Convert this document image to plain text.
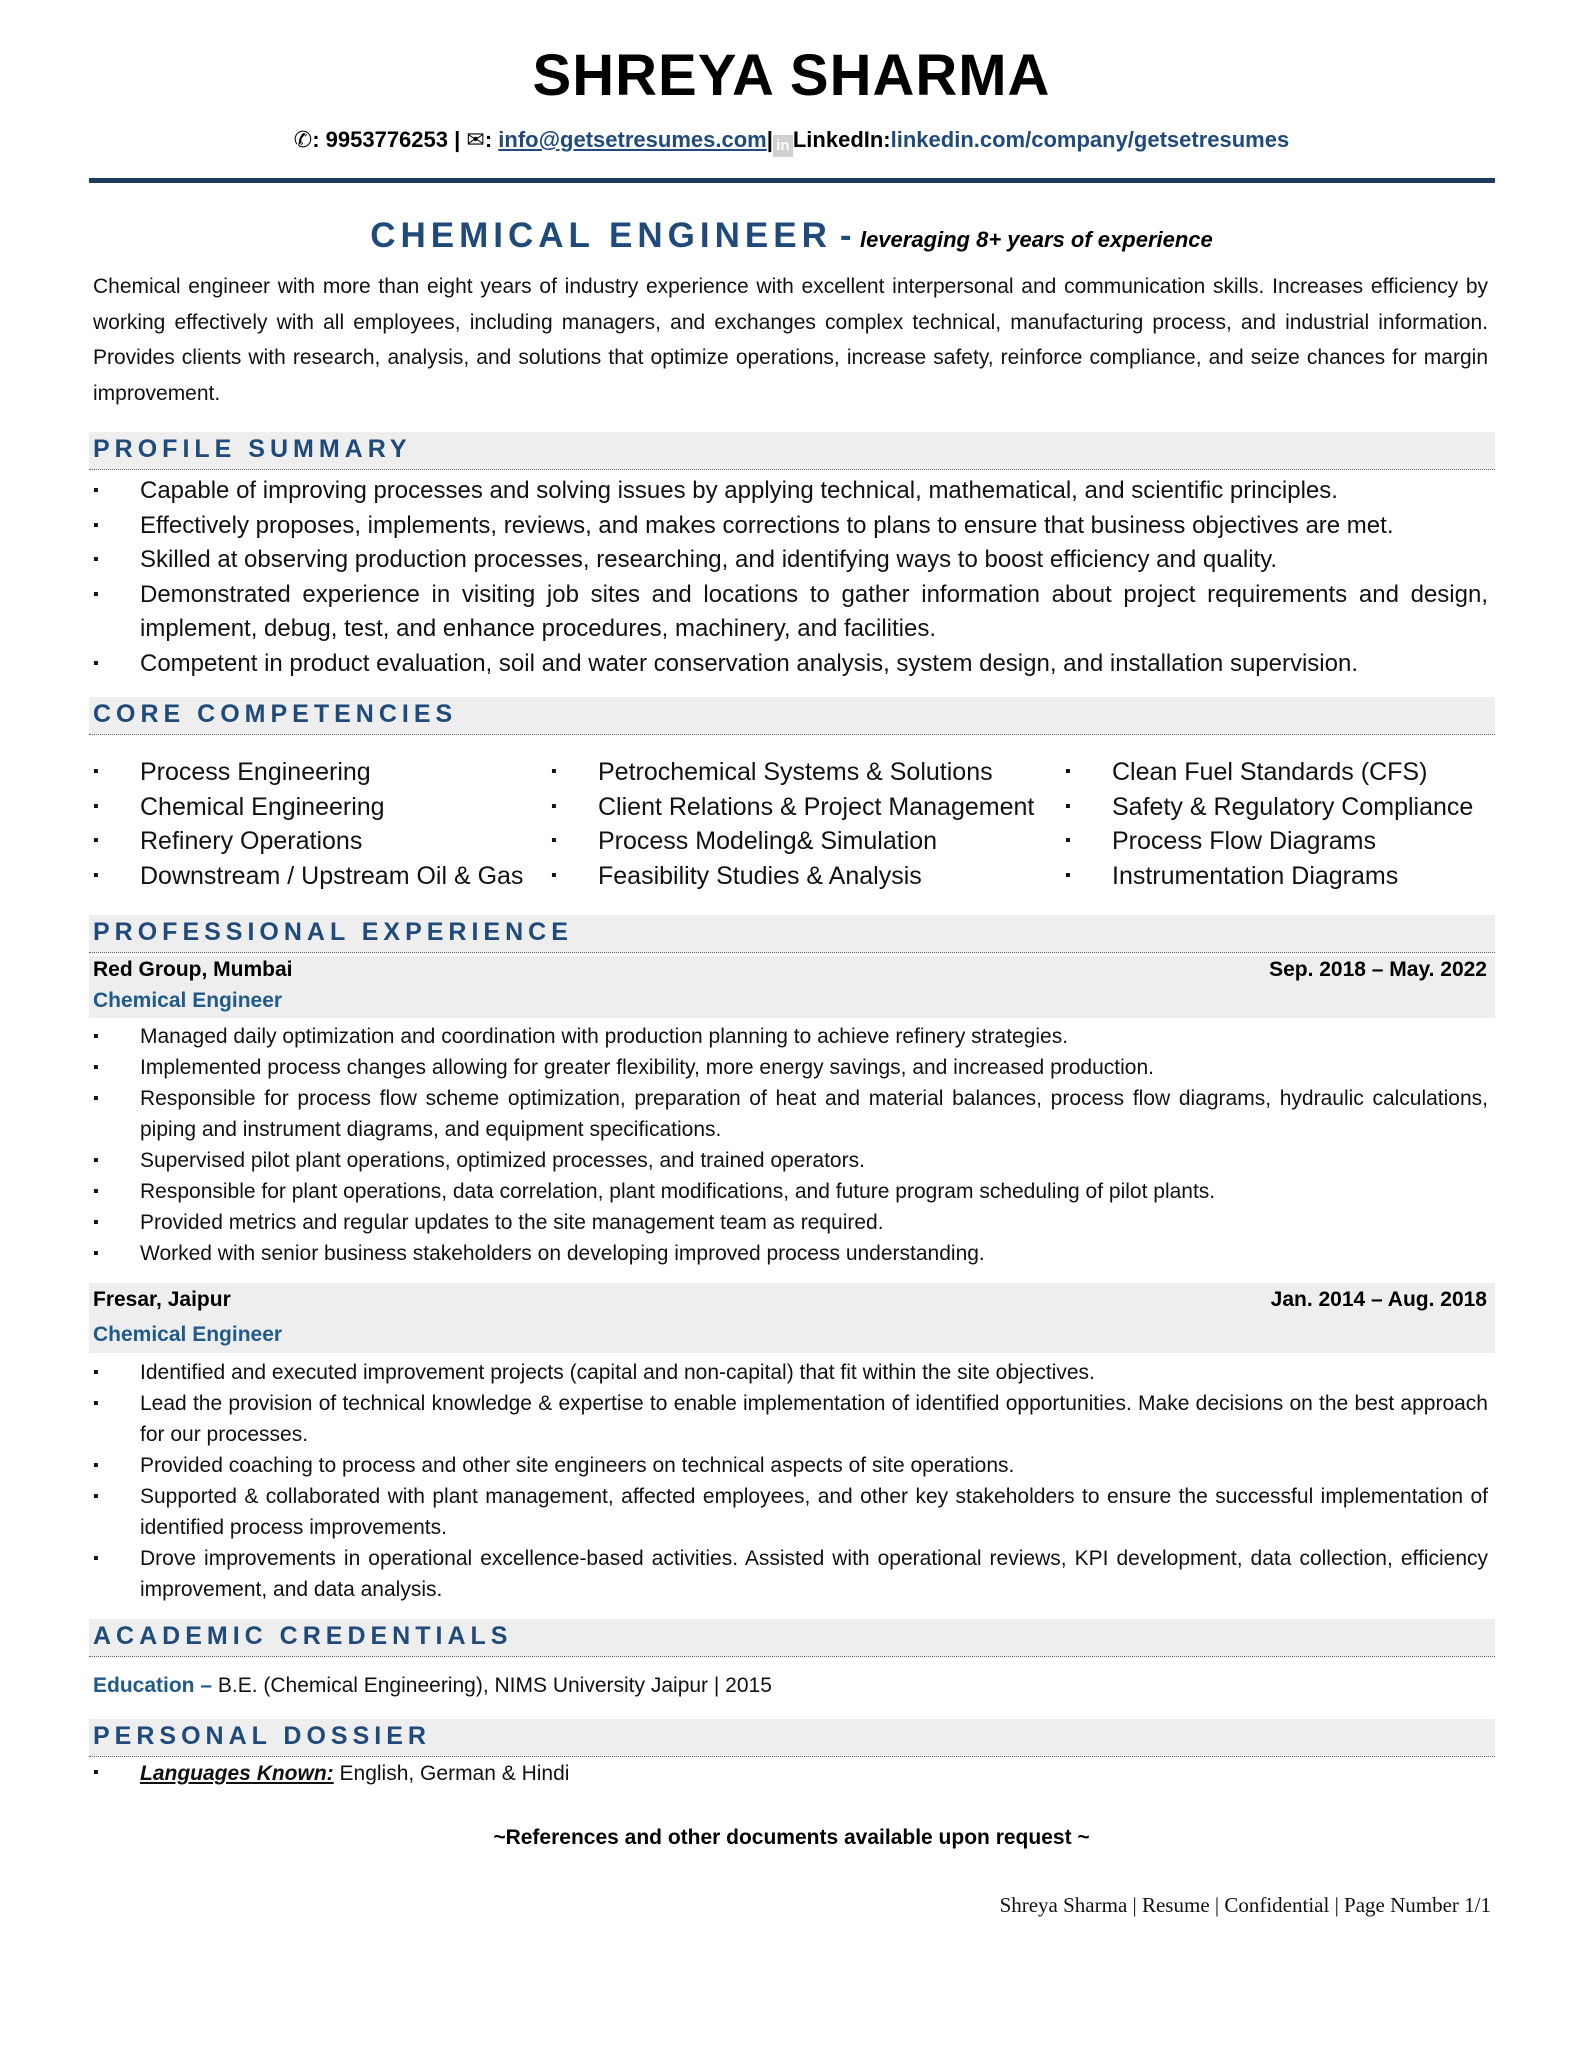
SHREYA SHARMA
✆: 9953776253 | ✉: info@getsetresumes.com| in LinkedIn:linkedin.com/company/getsetresumes
CHEMICAL ENGINEER - leveraging 8+ years of experience
Chemical engineer with more than eight years of industry experience with excellent interpersonal and communication skills. Increases efficiency by working effectively with all employees, including managers, and exchanges complex technical, manufacturing process, and industrial information. Provides clients with research, analysis, and solutions that optimize operations, increase safety, reinforce compliance, and seize chances for margin improvement.
PROFILE SUMMARY
▪ Capable of improving processes and solving issues by applying technical, mathematical, and scientific principles.
▪ Effectively proposes, implements, reviews, and makes corrections to plans to ensure that business objectives are met.
▪ Skilled at observing production processes, researching, and identifying ways to boost efficiency and quality.
▪ Demonstrated experience in visiting job sites and locations to gather information about project requirements and design, implement, debug, test, and enhance procedures, machinery, and facilities.
▪ Competent in product evaluation, soil and water conservation analysis, system design, and installation supervision.
CORE COMPETENCIES
▪ Process Engineering
▪ Chemical Engineering
▪ Refinery Operations
▪ Downstream / Upstream Oil & Gas
▪ Petrochemical Systems & Solutions
▪ Client Relations & Project Management
▪ Process Modeling& Simulation
▪ Feasibility Studies & Analysis
▪ Clean Fuel Standards (CFS)
▪ Safety & Regulatory Compliance
▪ Process Flow Diagrams
▪ Instrumentation Diagrams
PROFESSIONAL EXPERIENCE
Red Group, Mumbai	Sep. 2018 – May. 2022
Chemical Engineer
▪ Managed daily optimization and coordination with production planning to achieve refinery strategies.
▪ Implemented process changes allowing for greater flexibility, more energy savings, and increased production.
▪ Responsible for process flow scheme optimization, preparation of heat and material balances, process flow diagrams, hydraulic calculations, piping and instrument diagrams, and equipment specifications.
▪ Supervised pilot plant operations, optimized processes, and trained operators.
▪ Responsible for plant operations, data correlation, plant modifications, and future program scheduling of pilot plants.
▪ Provided metrics and regular updates to the site management team as required.
▪ Worked with senior business stakeholders on developing improved process understanding.
Fresar, Jaipur	Jan. 2014 – Aug. 2018
Chemical Engineer
▪ Identified and executed improvement projects (capital and non-capital) that fit within the site objectives.
▪ Lead the provision of technical knowledge & expertise to enable implementation of identified opportunities. Make decisions on the best approach for our processes.
▪ Provided coaching to process and other site engineers on technical aspects of site operations.
▪ Supported & collaborated with plant management, affected employees, and other key stakeholders to ensure the successful implementation of identified process improvements.
▪ Drove improvements in operational excellence-based activities. Assisted with operational reviews, KPI development, data collection, efficiency improvement, and data analysis.
ACADEMIC CREDENTIALS
Education – B.E. (Chemical Engineering), NIMS University Jaipur | 2015
PERSONAL DOSSIER
▪ Languages Known: English, German & Hindi
~References and other documents available upon request ~
Shreya Sharma | Resume | Confidential | Page Number 1/1
